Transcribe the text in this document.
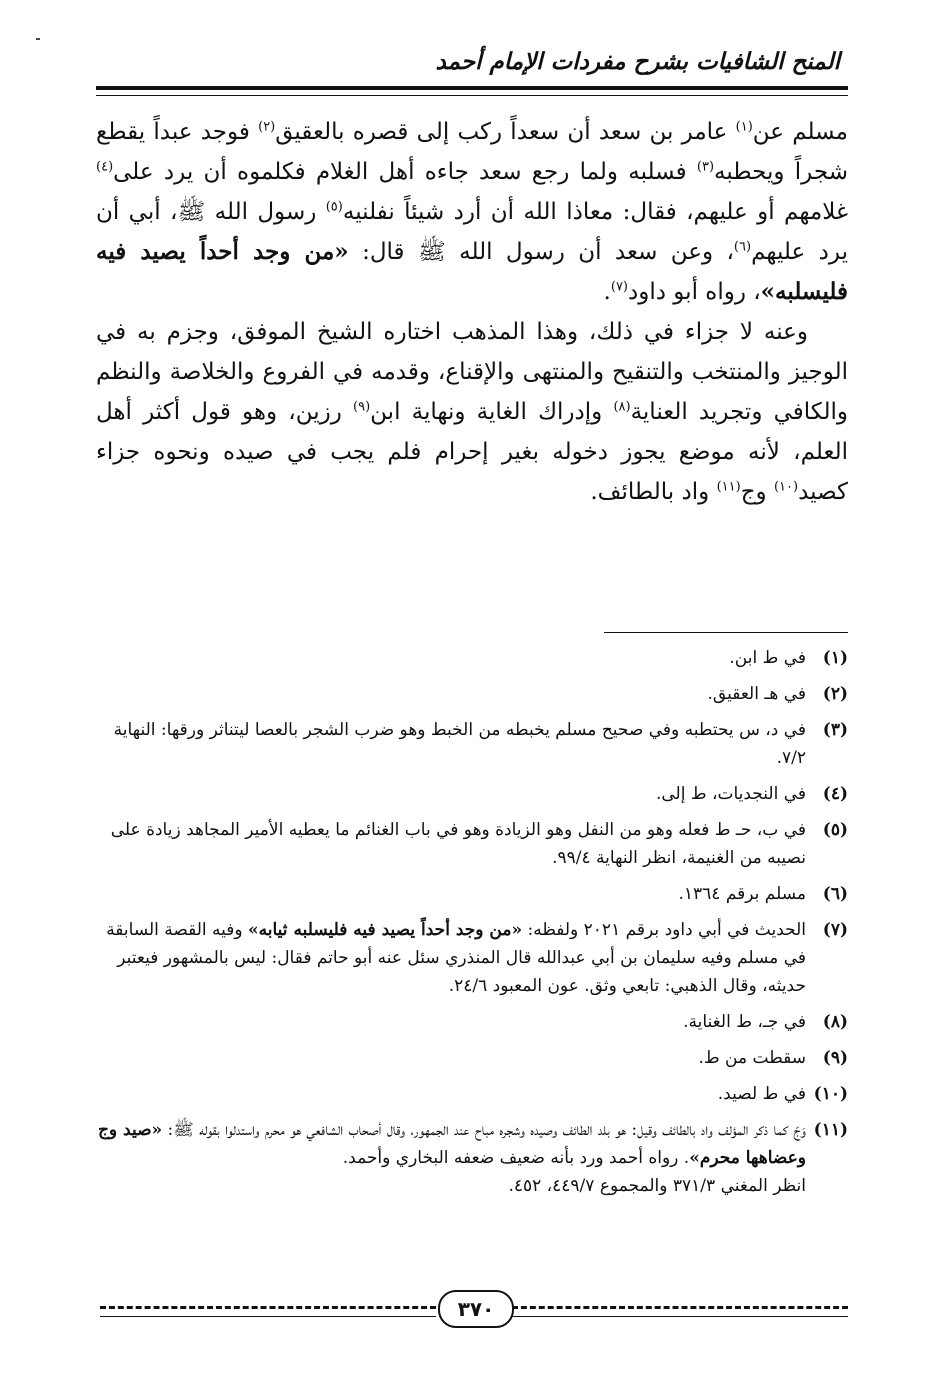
المنح الشافيات بشرح مفردات الإمام أحمد

مسلم عن$^{(١)}$ عامر بن سعد أن سعداً ركب إلى قصره بالعقيق$^{(٢)}$ فوجد عبداً يقطع شجراً ويحطبه$^{(٣)}$ فسلبه ولما رجع سعد جاءه أهل الغلام فكلموه أن يرد على$^{(٤)}$ غلامهم أو عليهم، فقال: معاذا الله أن أرد شيئاً نفلنيه$^{(٥)}$ رسول الله ﷺ، أبي أن يرد عليهم$^{(٦)}$، وعن سعد أن رسول الله ﷺ قال: «من وجد أحداً يصيد فيه فليسلبه»، رواه أبو داود$^{(٧)}$.

وعنه لا جزاء في ذلك، وهذا المذهب اختاره الشيخ الموفق، وجزم به في الوجيز والمنتخب والتنقيح والمنتهى والإقناع، وقدمه في الفروع والخلاصة والنظم والكافي وتجريد العناية$^{(٨)}$ وإدراك الغاية ونهاية ابن$^{(٩)}$ رزين، وهو قول أكثر أهل العلم، لأنه موضع يجوز دخوله بغير إحرام فلم يجب في صيده ونحوه جزاء كصيد$^{(١٠)}$ وج$^{(١١)}$ واد بالطائف.

(١)
في ط ابن.
(٢)
في هـ العقيق.
(٣)
في د، س يحتطبه وفي صحيح مسلم يخبطه من الخبط وهو ضرب الشجر بالعصا ليتناثر ورقها: النهاية ٧/٢.
(٤)
في النجديات، ط إلى.
(٥)
في ب، حـ ط فعله وهو من النفل وهو الزيادة وهو في باب الغنائم ما يعطيه الأمير المجاهد زيادة على نصيبه من الغنيمة، انظر النهاية ٩٩/٤.
(٦)
مسلم برقم ١٣٦٤.
(٧)
الحديث في أبي داود برقم ٢٠٢١ ولفظه: «من وجد أحداً يصيد فيه فليسلبه ثيابه» وفيه القصة السابقة في مسلم وفيه سليمان بن أبي عبدالله قال المنذري سئل عنه أبو حاتم فقال: ليس بالمشهور فيعتبر حديثه، وقال الذهبي: تابعي وثق. عون المعبود ٢٤/٦.
(٨)
في جـ، ط الغناية.
(٩)
سقطت من ط.
(١٠)
في ط لصيد.
(١١)
وَجّ كما ذكر المؤلف واد بالطائف وقيل: هو بلد الطائف وصيده وشجره مباح عند الجمهور، وقال أصحاب الشافعي هو محرم واستدلوا بقوله ﷺ: «صيد وج وعضاهها محرم». رواه أحمد ورد بأنه ضعيف ضعفه البخاري وأحمد.
انظر المغني ٣٧١/٣ والمجموع ٤٤٩/٧، ٤٥٢.
٣٧٠
